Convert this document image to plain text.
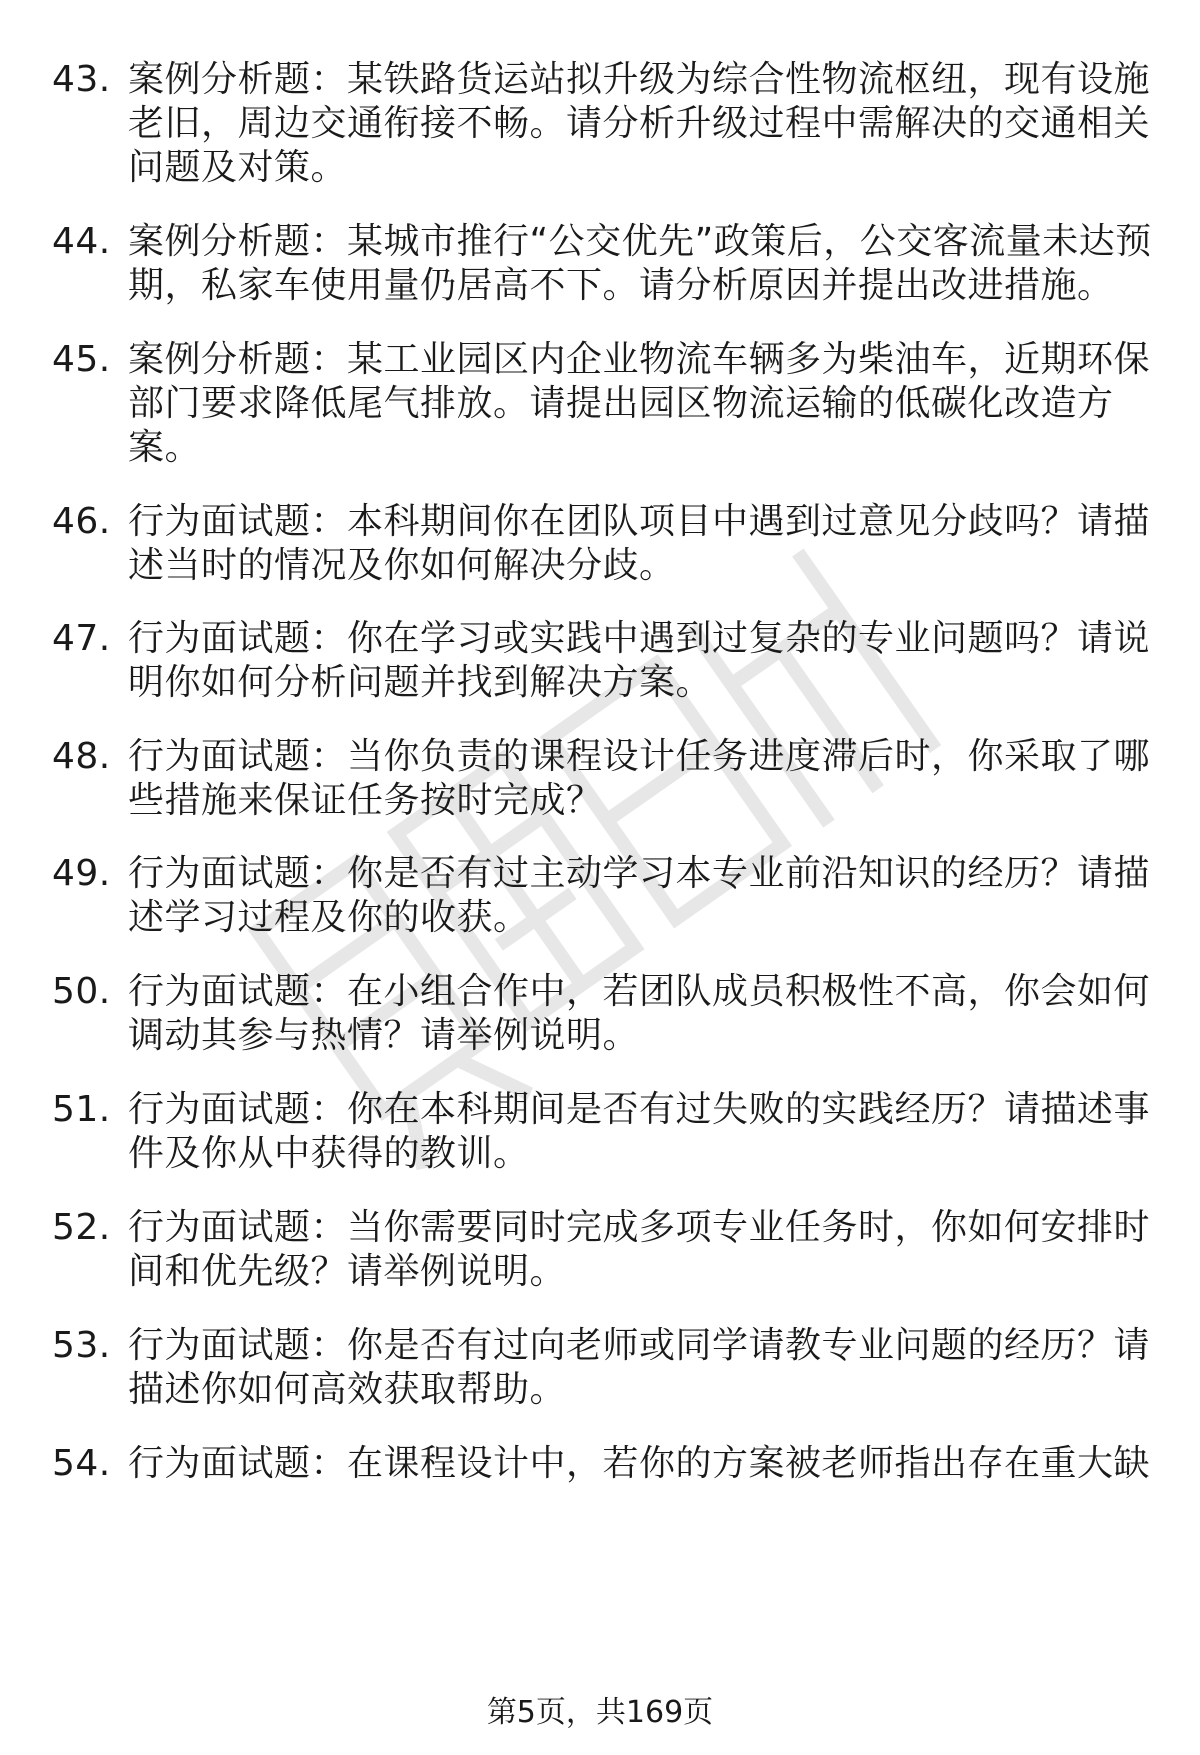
43. 案例分析题：某铁路货运站拟升级为综合性物流枢纽，现有设施老旧，周边交通衔接不畅。请分析升级过程中需解决的交通相关问题及对策。
44. 案例分析题：某城市推行“公交优先”政策后，公交客流量未达预期，私家车使用量仍居高不下。请分析原因并提出改进措施。
45. 案例分析题：某工业园区内企业物流车辆多为柴油车，近期环保部门要求降低尾气排放。请提出园区物流运输的低碳化改造方案。
46. 行为面试题：本科期间你在团队项目中遇到过意见分歧吗？请描述当时的情况及你如何解决分歧。
47. 行为面试题：你在学习或实践中遇到过复杂的专业问题吗？请说明你如何分析问题并找到解决方案。
48. 行为面试题：当你负责的课程设计任务进度滞后时，你采取了哪些措施来保证任务按时完成？
49. 行为面试题：你是否有过主动学习本专业前沿知识的经历？请描述学习过程及你的收获。
50. 行为面试题：在小组合作中，若团队成员积极性不高，你会如何调动其参与热情？请举例说明。
51. 行为面试题：你在本科期间是否有过失败的实践经历？请描述事件及你从中获得的教训。
52. 行为面试题：当你需要同时完成多项专业任务时，你如何安排时间和优先级？请举例说明。
53. 行为面试题：你是否有过向老师或同学请教专业问题的经历？请描述你如何高效获取帮助。
54. 行为面试题：在课程设计中，若你的方案被老师指出存在重大缺
第5页，共169页
